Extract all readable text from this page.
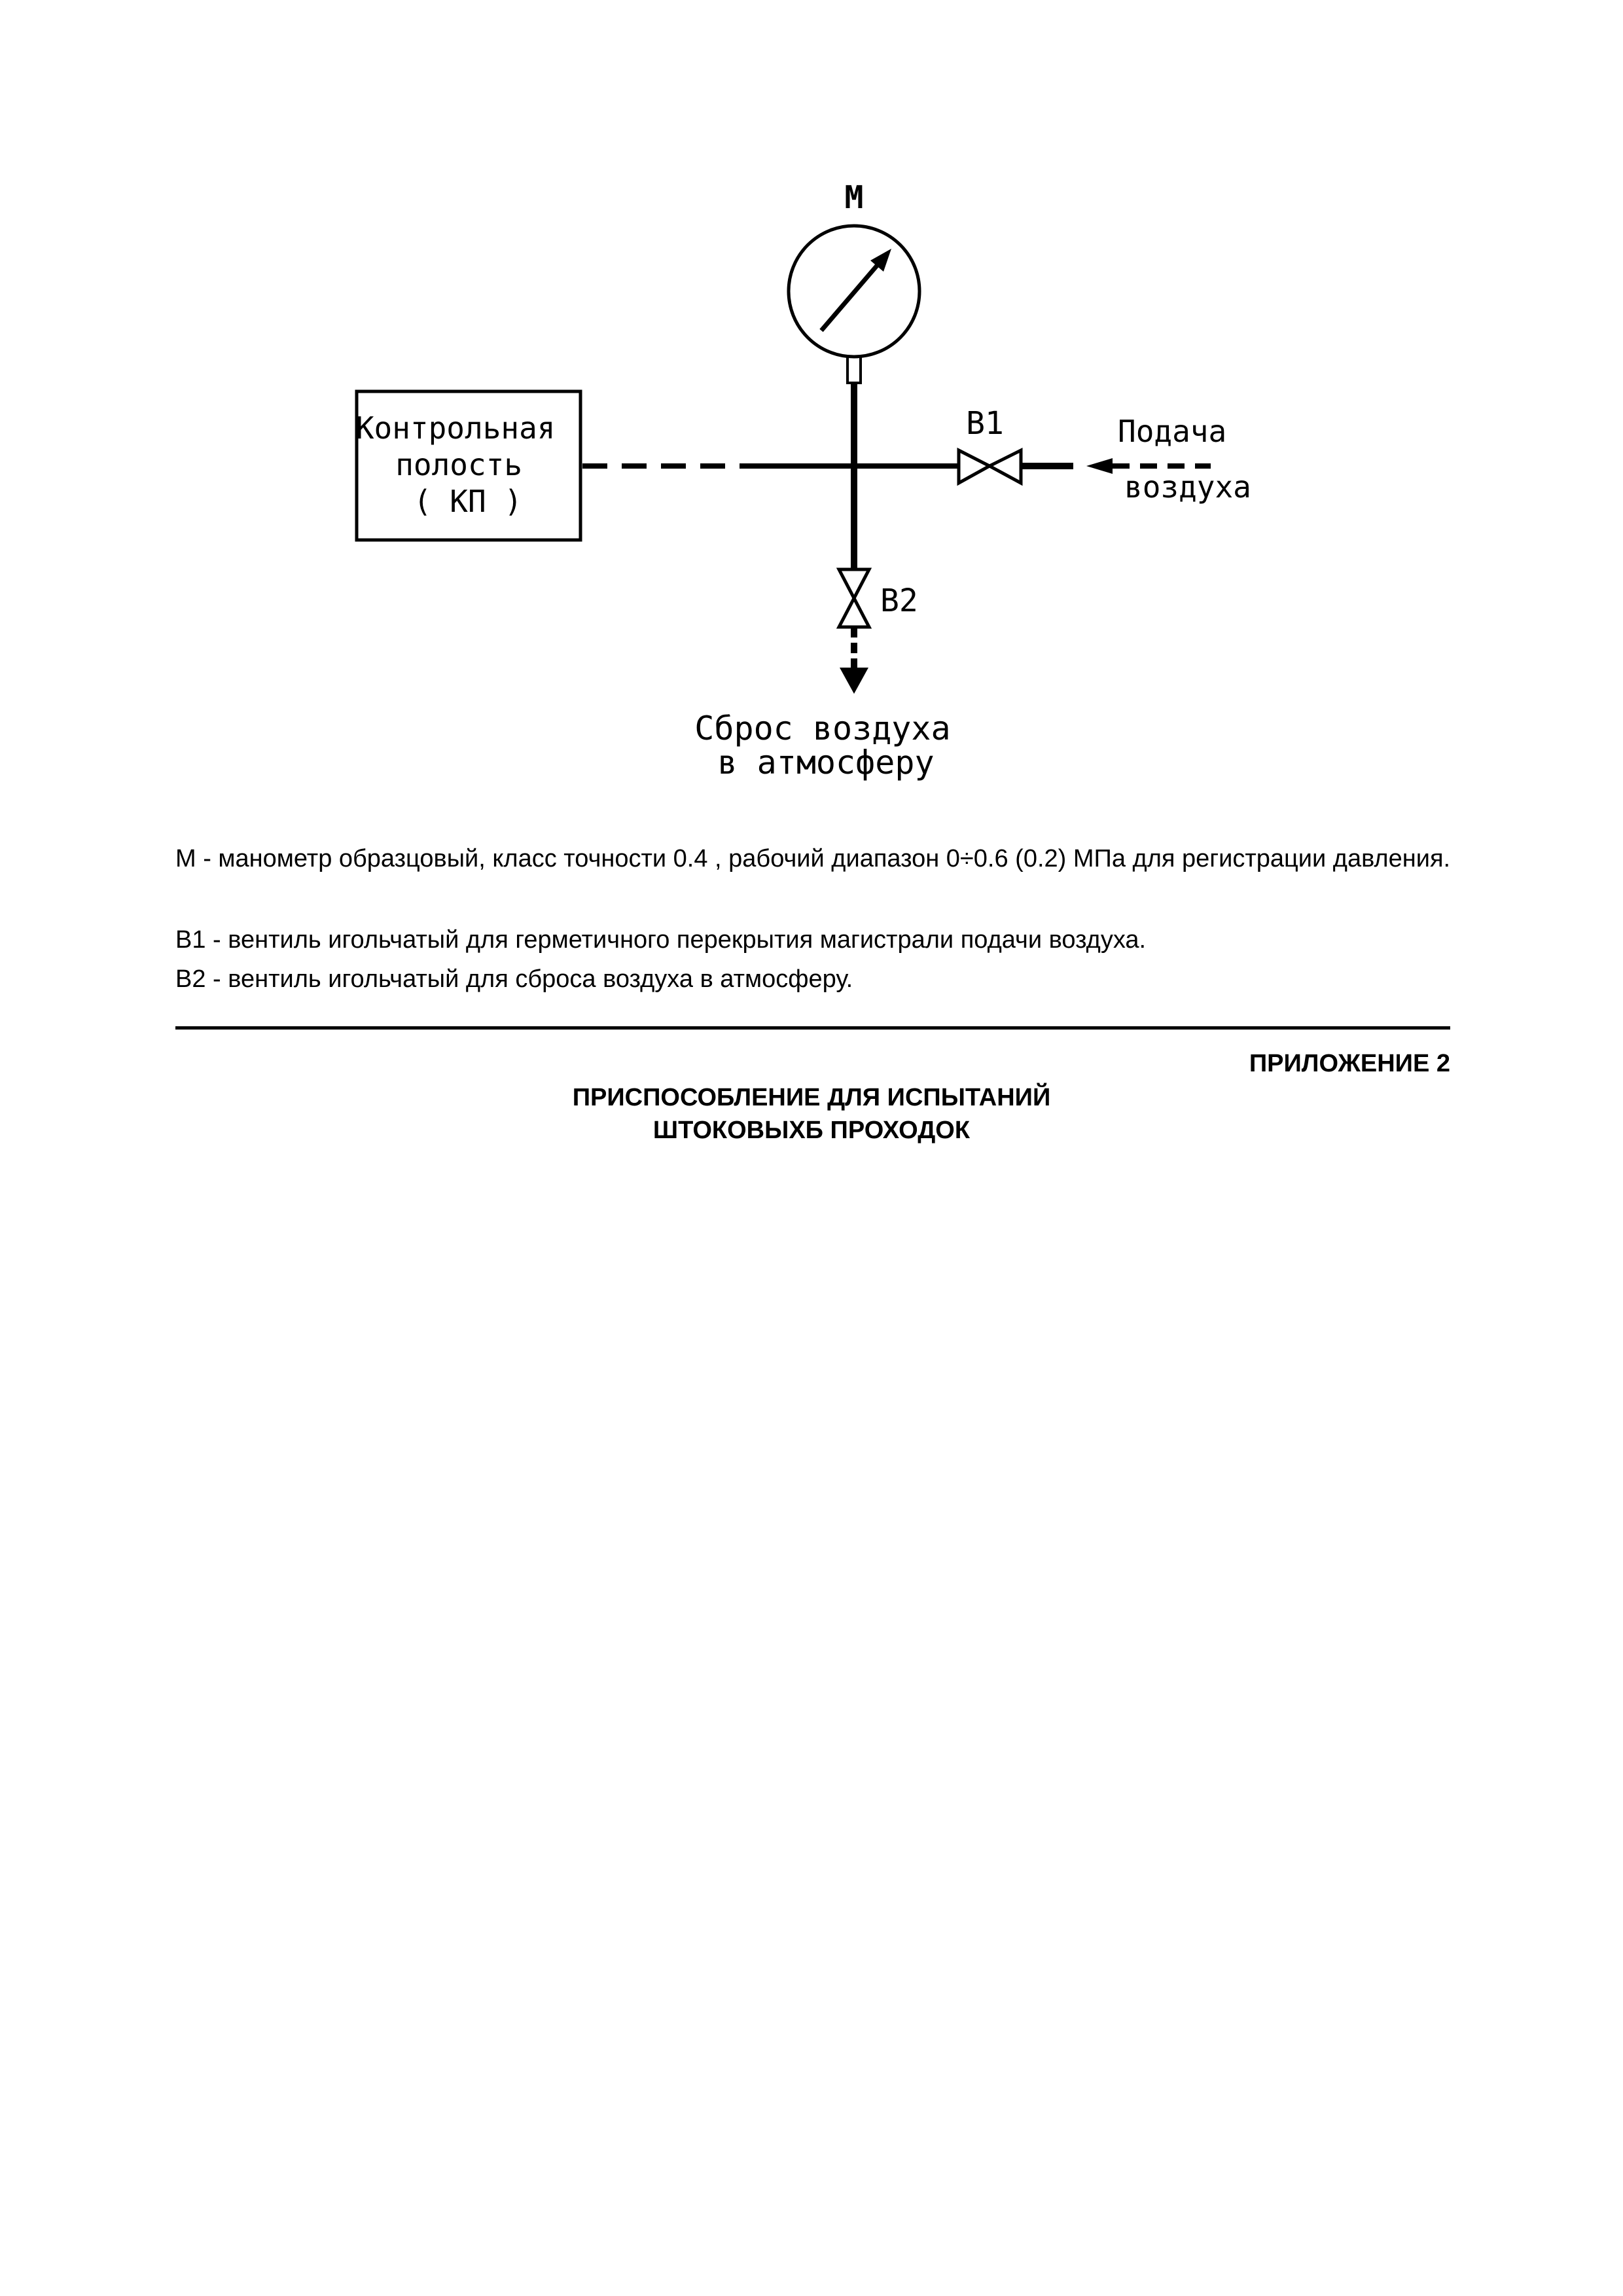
M
Контрольная полость ( КП )
B1	Подача воздуха
B2
Сброс воздуха в атмосферу
М - манометр образцовый, класс точности 0.4 , рабочий диапазон 0÷0.6 (0.2) МПа для регистрации давления.
В1 - вентиль игольчатый для герметичного перекрытия магистрали подачи воздуха.
В2 - вентиль игольчатый для сброса воздуха в атмосферу.
ПРИЛОЖЕНИЕ 2
ПРИСПОСОБЛЕНИЕ ДЛЯ ИСПЫТАНИЙ
ШТОКОВЫХБ ПРОХОДОК
